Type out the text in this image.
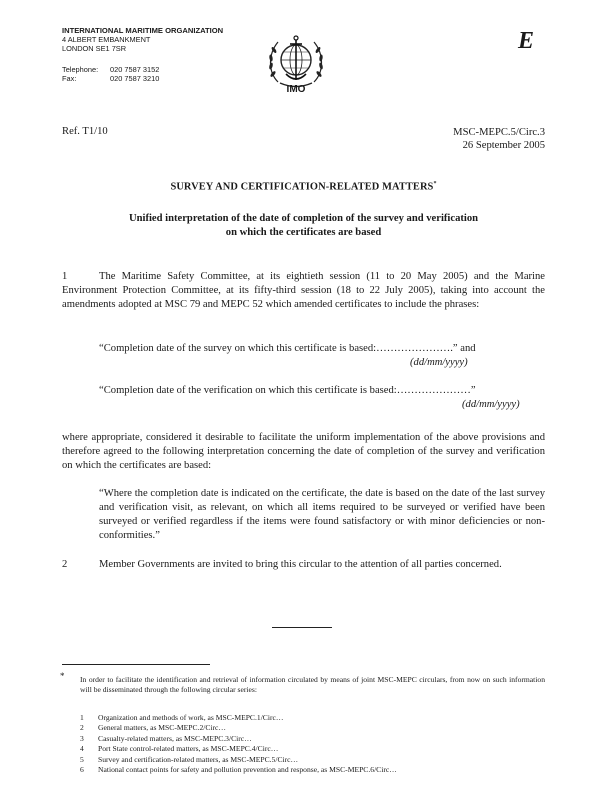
INTERNATIONAL MARITIME ORGANIZATION
4 ALBERT EMBANKMENT
LONDON SE1 7SR
Telephone:	020 7587 3152
Fax:	020 7587 3210
IMO
E
Ref. T1/10	MSC-MEPC.5/Circ.3
26 September 2005
SURVEY AND CERTIFICATION-RELATED MATTERS*
Unified interpretation of the date of completion of the survey and verification
on which the certificates are based
1	The Maritime Safety Committee, at its eightieth session (11 to 20 May 2005) and the Marine Environment Protection Committee, at its fifty-third session (18 to 22 July 2005), taking into account the amendments adopted at MSC 79 and MEPC 52 which amended certificates to include the phrases:
“Completion date of the survey on which this certificate is based:………………….” and
(dd/mm/yyyy)
“Completion date of the verification on which this certificate is based:…………………”
(dd/mm/yyyy)
where appropriate, considered it desirable to facilitate the uniform implementation of the above provisions and therefore agreed to the following interpretation concerning the date of completion of the survey and verification on which the certificates are based:
“Where the completion date is indicated on the certificate, the date is based on the date of the last survey and verification visit, as relevant, on which all items required to be surveyed or verified have been surveyed or verified regardless if the items were found satisfactory or with minor deficiencies or non-conformities.”
2	Member Governments are invited to bring this circular to the attention of all parties concerned.
*	In order to facilitate the identification and retrieval of information circulated by means of joint MSC-MEPC circulars, from now on such information will be disseminated through the following circular series:
1	Organization and methods of work, as MSC-MEPC.1/Circ…
2	General matters, as MSC-MEPC.2/Circ…
3	Casualty-related matters, as MSC-MEPC.3/Circ…
4	Port State control-related matters, as MSC-MEPC.4/Circ…
5	Survey and certification-related matters, as MSC-MEPC.5/Circ…
6	National contact points for safety and pollution prevention and response, as MSC-MEPC.6/Circ…
